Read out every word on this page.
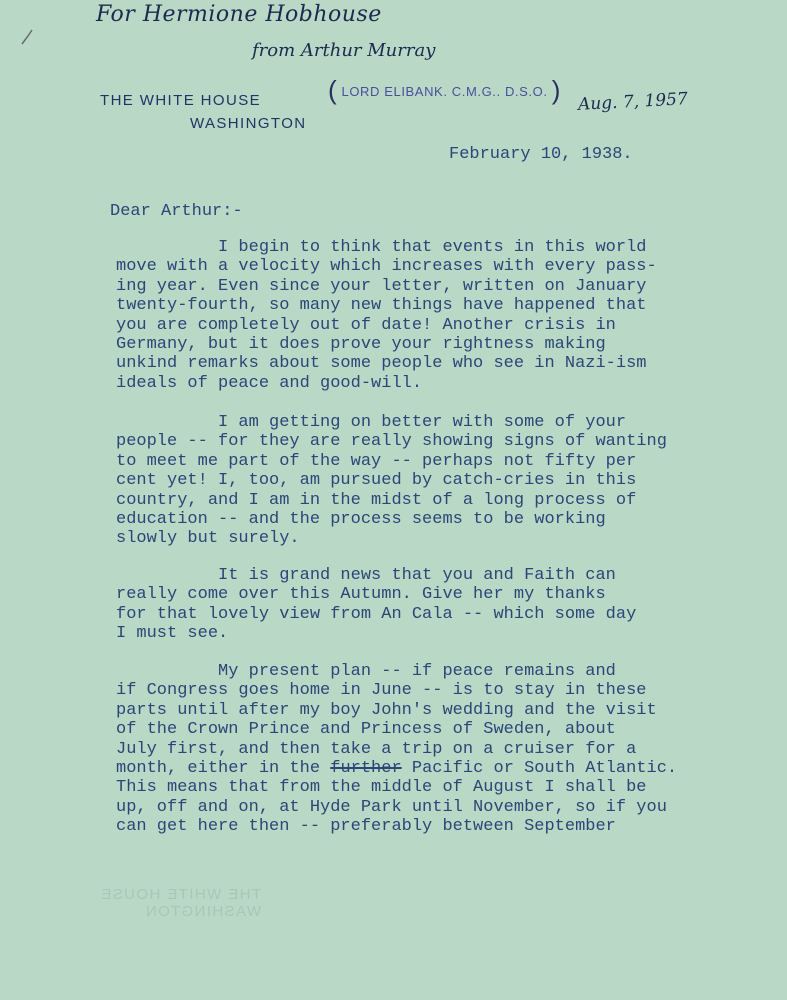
For Hermione Hobhouse
from Arthur Murray
Aug. 7, 1957
THE WHITE HOUSE
WASHINGTON
( LORD ELIBANK. C.M.G.. D.S.O. )
February 10, 1938.
Dear Arthur:-
I begin to think that events in this world
move with a velocity which increases with every pass-
ing year. Even since your letter, written on January
twenty-fourth, so many new things have happened that
you are completely out of date! Another crisis in
Germany, but it does prove your rightness making
unkind remarks about some people who see in Nazi-ism
ideals of peace and good-will.
I am getting on better with some of your
people -- for they are really showing signs of wanting
to meet me part of the way -- perhaps not fifty per
cent yet! I, too, am pursued by catch-cries in this
country, and I am in the midst of a long process of
education -- and the process seems to be working
slowly but surely.
It is grand news that you and Faith can
really come over this Autumn. Give her my thanks
for that lovely view from An Cala -- which some day
I must see.
My present plan -- if peace remains and
if Congress goes home in June -- is to stay in these
parts until after my boy John's wedding and the visit
of the Crown Prince and Princess of Sweden, about
July first, and then take a trip on a cruiser for a
month, either in the further Pacific or South Atlantic.
This means that from the middle of August I shall be
up, off and on, at Hyde Park until November, so if you
can get here then -- preferably between September
THE WHITE HOUSE
WASHINGTON
